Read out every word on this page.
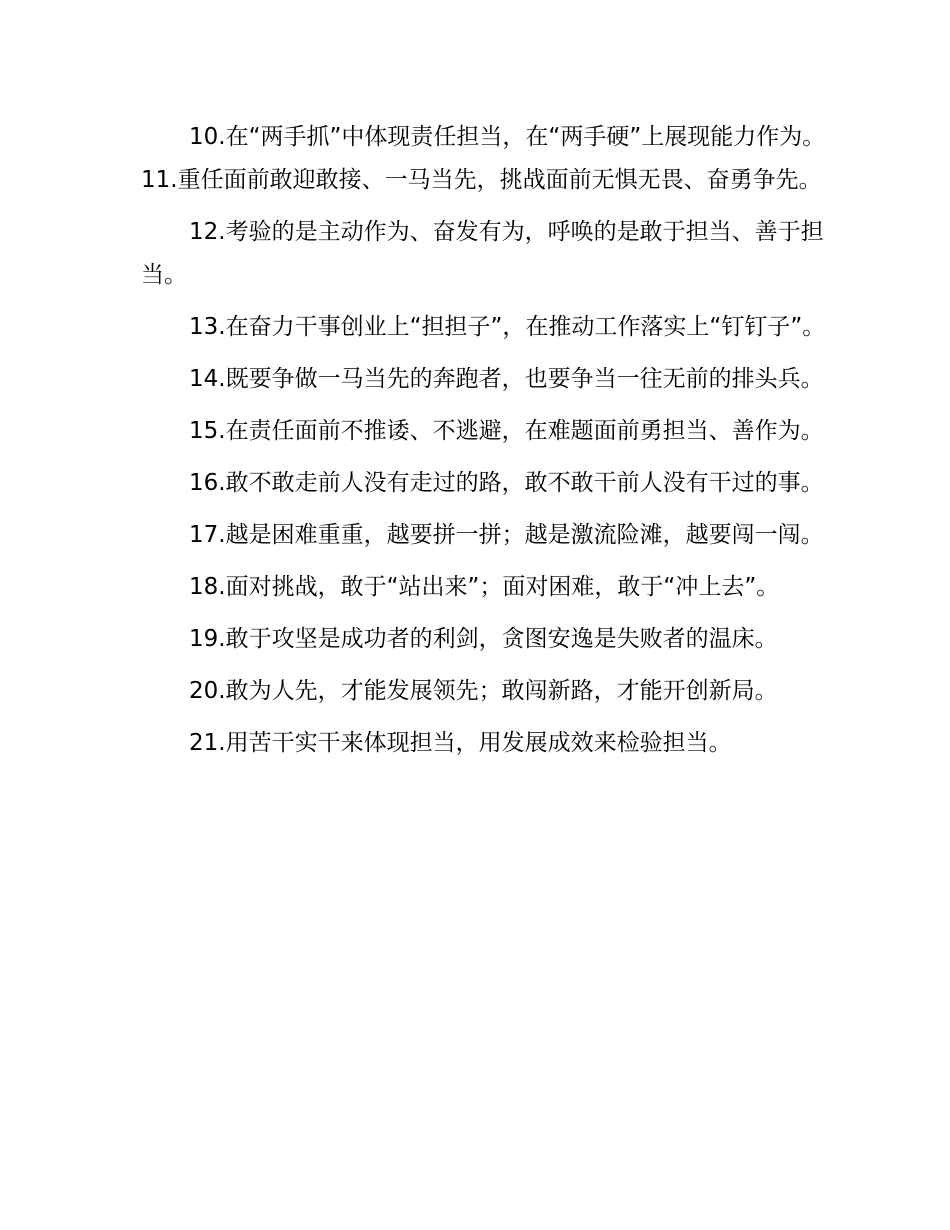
10.在“两手抓”中体现责任担当，在“两手硬”上展现能力作为。11.重任面前敢迎敢接、一马当先，挑战面前无惧无畏、奋勇争先。

12.考验的是主动作为、奋发有为，呼唤的是敢于担当、善于担当。

13.在奋力干事创业上“担担子”，在推动工作落实上“钉钉子”。

14.既要争做一马当先的奔跑者，也要争当一往无前的排头兵。

15.在责任面前不推诿、不逃避，在难题面前勇担当、善作为。

16.敢不敢走前人没有走过的路，敢不敢干前人没有干过的事。

17.越是困难重重，越要拼一拼；越是激流险滩，越要闯一闯。

18.面对挑战，敢于“站出来”；面对困难，敢于“冲上去”。

19.敢于攻坚是成功者的利剑，贪图安逸是失败者的温床。

20.敢为人先，才能发展领先；敢闯新路，才能开创新局。

21.用苦干实干来体现担当，用发展成效来检验担当。
